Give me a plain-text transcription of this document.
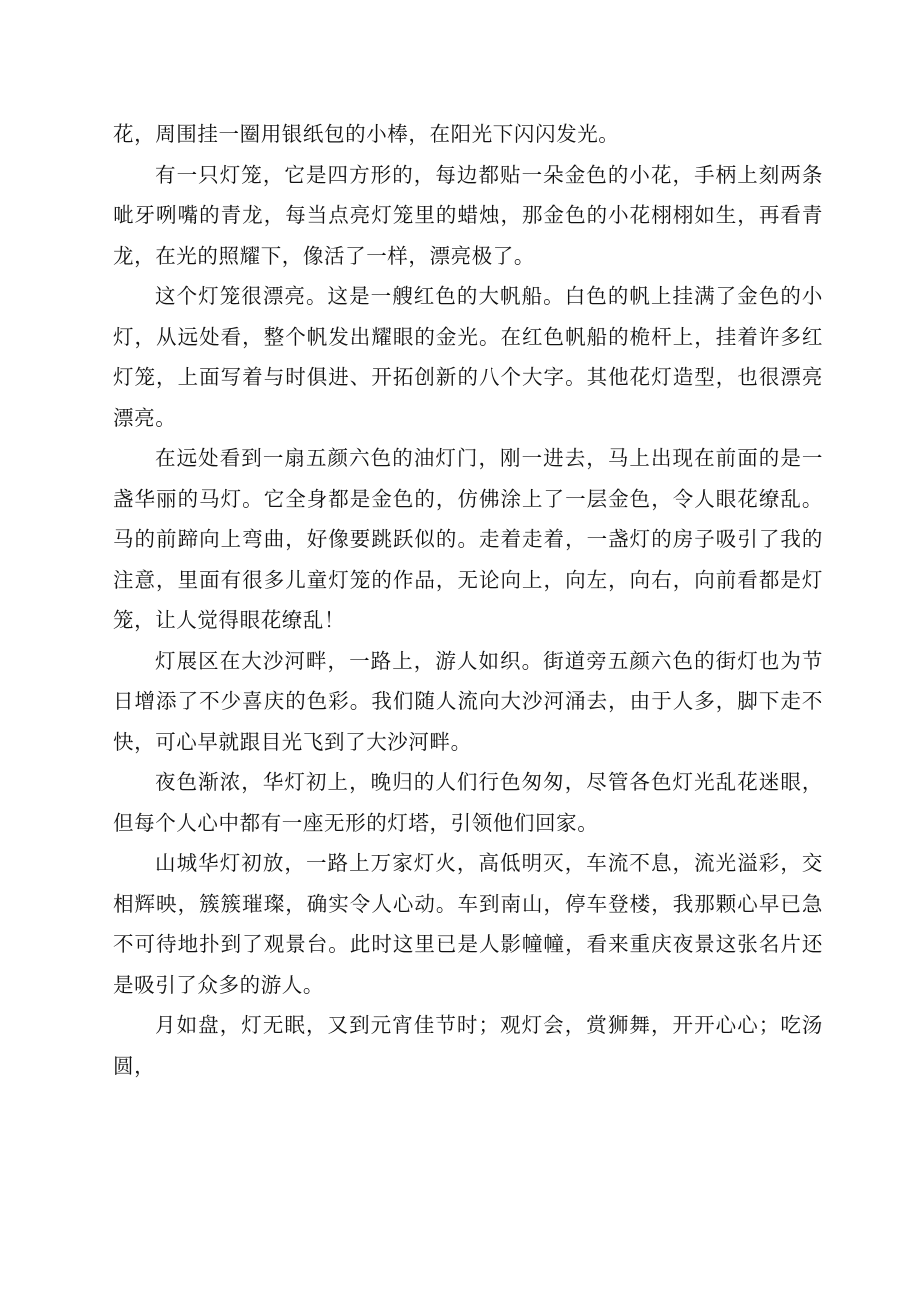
花，周围挂一圈用银纸包的小棒，在阳光下闪闪发光。

有一只灯笼，它是四方形的，每边都贴一朵金色的小花，手柄上刻两条呲牙咧嘴的青龙，每当点亮灯笼里的蜡烛，那金色的小花栩栩如生，再看青龙，在光的照耀下，像活了一样，漂亮极了。

这个灯笼很漂亮。这是一艘红色的大帆船。白色的帆上挂满了金色的小灯，从远处看，整个帆发出耀眼的金光。在红色帆船的桅杆上，挂着许多红灯笼，上面写着与时俱进、开拓创新的八个大字。其他花灯造型，也很漂亮漂亮。

在远处看到一扇五颜六色的油灯门，刚一进去，马上出现在前面的是一盏华丽的马灯。它全身都是金色的，仿佛涂上了一层金色，令人眼花缭乱。马的前蹄向上弯曲，好像要跳跃似的。走着走着，一盏灯的房子吸引了我的注意，里面有很多儿童灯笼的作品，无论向上，向左，向右，向前看都是灯笼，让人觉得眼花缭乱！

灯展区在大沙河畔，一路上，游人如织。街道旁五颜六色的街灯也为节日增添了不少喜庆的色彩。我们随人流向大沙河涌去，由于人多，脚下走不快，可心早就跟目光飞到了大沙河畔。

夜色渐浓，华灯初上，晚归的人们行色匆匆，尽管各色灯光乱花迷眼，但每个人心中都有一座无形的灯塔，引领他们回家。

山城华灯初放，一路上万家灯火，高低明灭，车流不息，流光溢彩，交相辉映，簇簇璀璨，确实令人心动。车到南山，停车登楼，我那颗心早已急不可待地扑到了观景台。此时这里已是人影幢幢，看来重庆夜景这张名片还是吸引了众多的游人。

月如盘，灯无眠，又到元宵佳节时；观灯会，赏狮舞，开开心心；吃汤圆，
